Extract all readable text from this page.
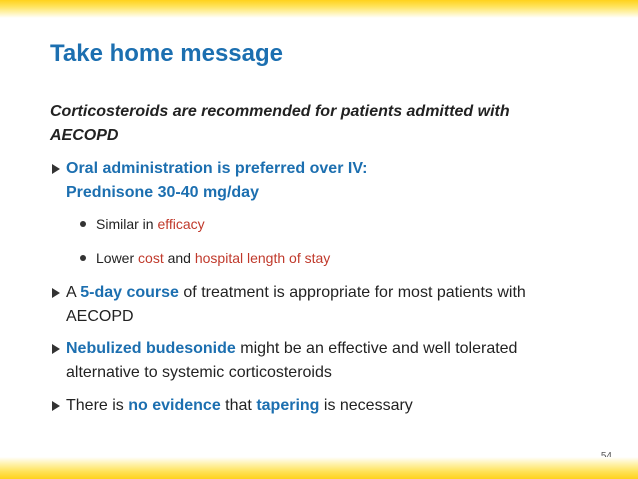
Take home message

Corticosteroids are recommended for patients admitted with
AECOPD

Oral administration is preferred over IV:
Prednisone 30-40 mg/day
Similar in efficacy
Lower cost and hospital length of stay
A 5-day course of treatment is appropriate for most patients with
AECOPD
Nebulized budesonide might be an effective and well tolerated
alternative to systemic corticosteroids
There is no evidence that tapering is necessary
